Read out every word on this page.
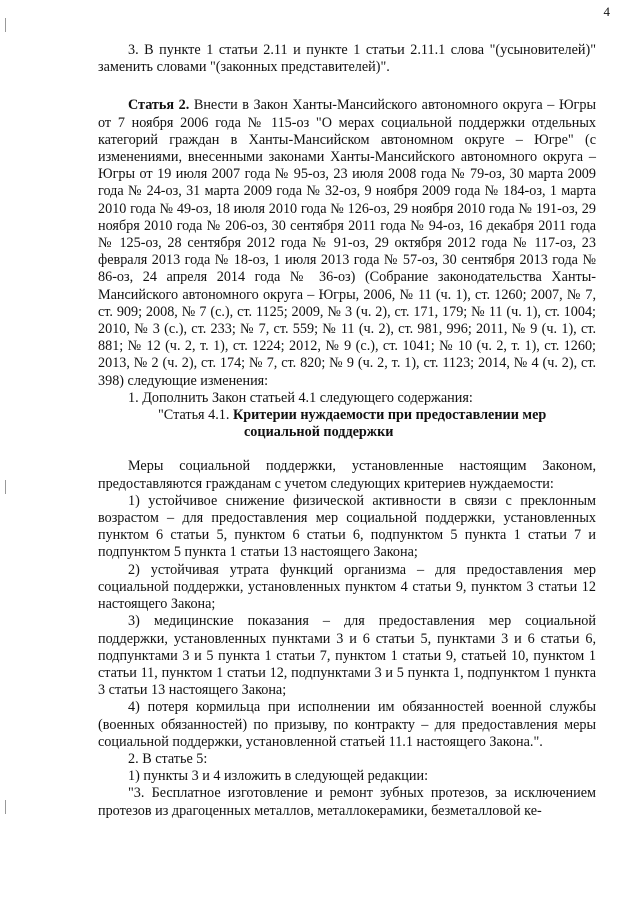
4

3. В пункте 1 статьи 2.11 и пункте 1 статьи 2.11.1 слова "(усыновителей)" заменить словами "(законных представителей)".

Статья 2. Внести в Закон Ханты-Мансийского автономного округа – Югры от 7 ноября 2006 года № 115-оз "О мерах социальной поддержки отдельных категорий граждан в Ханты-Мансийском автономном округе – Югре" (с изменениями, внесенными законами Ханты-Мансийского автономного округа – Югры от 19 июля 2007 года № 95-оз, 23 июля 2008 года № 79-оз, 30 марта 2009 года № 24-оз, 31 марта 2009 года № 32-оз, 9 ноября 2009 года № 184-оз, 1 марта 2010 года № 49-оз, 18 июля 2010 года № 126-оз, 29 ноября 2010 года № 191-оз, 29 ноября 2010 года № 206-оз, 30 сентября 2011 года № 94-оз, 16 декабря 2011 года № 125-оз, 28 сентября 2012 года № 91-оз, 29 октября 2012 года № 117-оз, 23 февраля 2013 года № 18-оз, 1 июля 2013 года № 57-оз, 30 сентября 2013 года № 86-оз, 24 апреля 2014 года № 36-оз) (Собрание законодательства Ханты-Мансийского автономного округа – Югры, 2006, № 11 (ч. 1), ст. 1260; 2007, № 7, ст. 909; 2008, № 7 (с.), ст. 1125; 2009, № 3 (ч. 2), ст. 171, 179; № 11 (ч. 1), ст. 1004; 2010, № 3 (с.), ст. 233; № 7, ст. 559; № 11 (ч. 2), ст. 981, 996; 2011, № 9 (ч. 1), ст. 881; № 12 (ч. 2, т. 1), ст. 1224; 2012, № 9 (с.), ст. 1041; № 10 (ч. 2, т. 1), ст. 1260; 2013, № 2 (ч. 2), ст. 174; № 7, ст. 820; № 9 (ч. 2, т. 1), ст. 1123; 2014, № 4 (ч. 2), ст. 398) следующие изменения:

1. Дополнить Закон статьей 4.1 следующего содержания:

"Статья 4.1. Критерии нуждаемости при предоставлении мер
социальной поддержки

Меры социальной поддержки, установленные настоящим Законом, предоставляются гражданам с учетом следующих критериев нуждаемости:

1) устойчивое снижение физической активности в связи с преклонным возрастом – для предоставления мер социальной поддержки, установленных пунктом 6 статьи 5, пунктом 6 статьи 6, подпунктом 5 пункта 1 статьи 7 и подпунктом 5 пункта 1 статьи 13 настоящего Закона;

2) устойчивая утрата функций организма – для предоставления мер социальной поддержки, установленных пунктом 4 статьи 9, пунктом 3 статьи 12 настоящего Закона;

3) медицинские показания – для предоставления мер социальной поддержки, установленных пунктами 3 и 6 статьи 5, пунктами 3 и 6 статьи 6, подпунктами 3 и 5 пункта 1 статьи 7, пунктом 1 статьи 9, статьей 10, пунктом 1 статьи 11, пунктом 1 статьи 12, подпунктами 3 и 5 пункта 1, подпунктом 1 пункта 3 статьи 13 настоящего Закона;

4) потеря кормильца при исполнении им обязанностей военной службы (военных обязанностей) по призыву, по контракту – для предоставления меры социальной поддержки, установленной статьей 11.1 настоящего Закона.".

2. В статье 5:

1) пункты 3 и 4 изложить в следующей редакции:

"3. Бесплатное изготовление и ремонт зубных протезов, за исключением протезов из драгоценных металлов, металлокерамики, безметалловой ке-
